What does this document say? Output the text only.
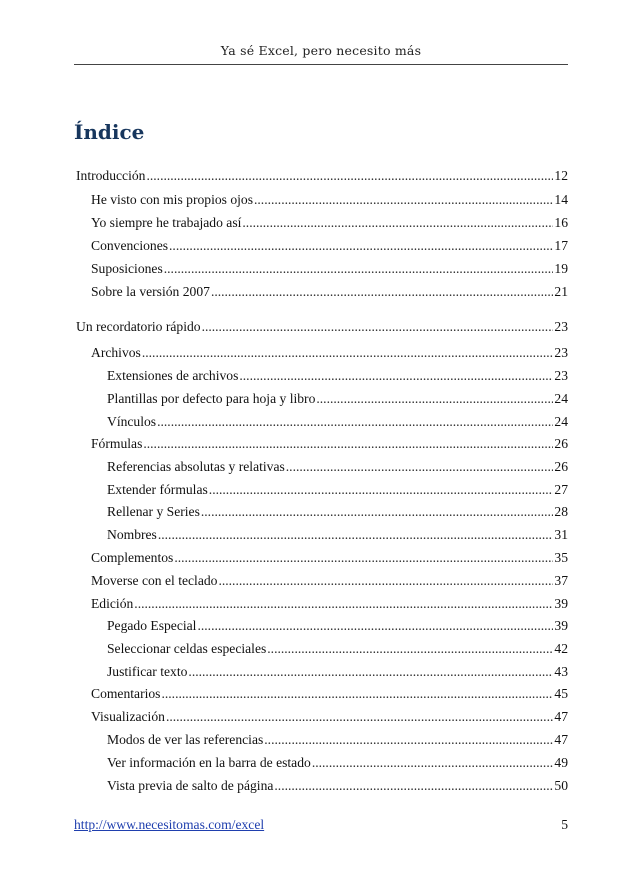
Ya sé Excel, pero necesito más
Índice
Introducción .....	12
He visto con mis propios ojos .....	14
Yo siempre he trabajado así .....	16
Convenciones .....	17
Suposiciones .....	19
Sobre la versión 2007 .....	21
Un recordatorio rápido .....	23
Archivos .....	23
Extensiones de archivos .....	23
Plantillas por defecto para hoja y libro .....	24
Vínculos .....	24
Fórmulas .....	26
Referencias absolutas y relativas .....	26
Extender fórmulas .....	27
Rellenar y Series .....	28
Nombres .....	31
Complementos .....	35
Moverse con el teclado .....	37
Edición .....	39
Pegado Especial .....	39
Seleccionar celdas especiales .....	42
Justificar texto .....	43
Comentarios .....	45
Visualización .....	47
Modos de ver las referencias .....	47
Ver información en la barra de estado .....	49
Vista previa de salto de página .....	50
http://www.necesitomas.com/excel	5
